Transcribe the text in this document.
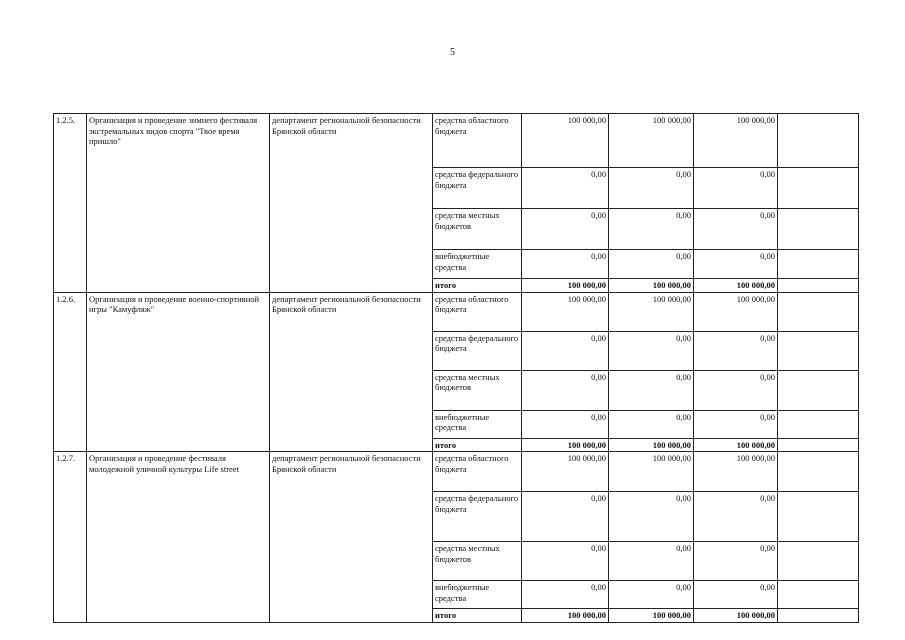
5
1.2.5.	Организация и проведение зимнего фестиваля экстремальных видов спорта "Твое время пришло"	департамент региональной безопасности Брянской области	средства областного бюджета	100 000,00	100 000,00	100 000,00	
			средства федерального бюджета	0,00	0,00	0,00	
			средства местных бюджетов	0,00	0,00	0,00	
			внебюджетные средства	0,00	0,00	0,00	
			итого	100 000,00	100 000,00	100 000,00	
1.2.6.	Организация и проведение военно-спортивной игры "Камуфляж"	департамент региональной безопасности Брянской области	средства областного бюджета	100 000,00	100 000,00	100 000,00	
			средства федерального бюджета	0,00	0,00	0,00	
			средства местных бюджетов	0,00	0,00	0,00	
			внебюджетные средства	0,00	0,00	0,00	
			итого	100 000,00	100 000,00	100 000,00	
1.2.7.	Организация и проведение фестиваля молодежной уличной культуры Life street	департамент региональной безопасности Брянской области	средства областного бюджета	100 000,00	100 000,00	100 000,00	
			средства федерального бюджета	0,00	0,00	0,00	
			средства местных бюджетов	0,00	0,00	0,00	
			внебюджетные средства	0,00	0,00	0,00	
			итого	100 000,00	100 000,00	100 000,00	
